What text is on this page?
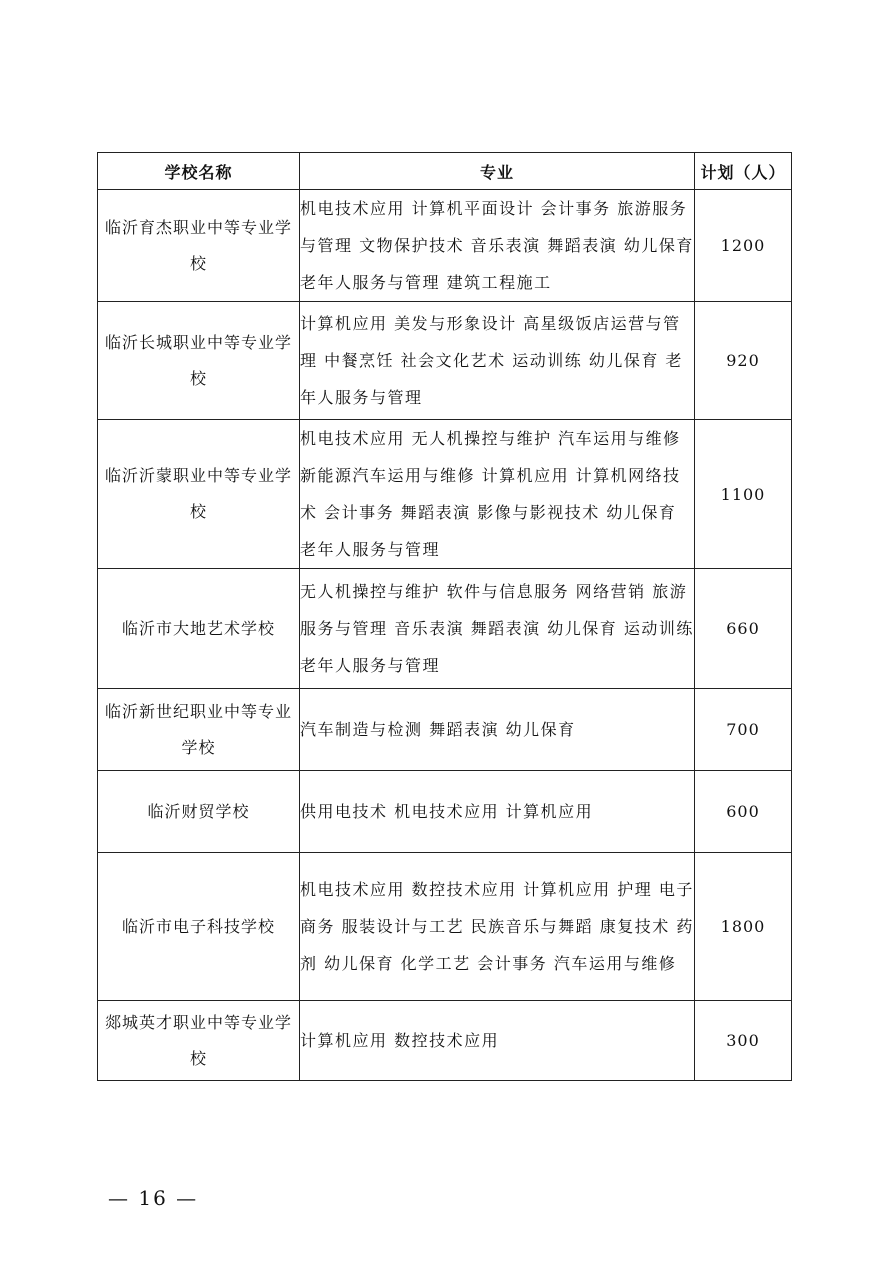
学校名称	专业	计划（人）
临沂育杰职业中等专业学校	机电技术应用 计算机平面设计 会计事务 旅游服务与管理 文物保护技术 音乐表演 舞蹈表演 幼儿保育 老年人服务与管理 建筑工程施工	1200
临沂长城职业中等专业学校	计算机应用 美发与形象设计 高星级饭店运营与管理 中餐烹饪 社会文化艺术 运动训练 幼儿保育 老年人服务与管理	920
临沂沂蒙职业中等专业学校	机电技术应用 无人机操控与维护 汽车运用与维修 新能源汽车运用与维修 计算机应用 计算机网络技术 会计事务 舞蹈表演 影像与影视技术 幼儿保育 老年人服务与管理	1100
临沂市大地艺术学校	无人机操控与维护 软件与信息服务 网络营销 旅游服务与管理 音乐表演 舞蹈表演 幼儿保育 运动训练 老年人服务与管理	660
临沂新世纪职业中等专业学校	汽车制造与检测 舞蹈表演 幼儿保育	700
临沂财贸学校	供用电技术 机电技术应用 计算机应用	600
临沂市电子科技学校	机电技术应用 数控技术应用 计算机应用 护理 电子商务 服装设计与工艺 民族音乐与舞蹈 康复技术 药剂 幼儿保育 化学工艺 会计事务 汽车运用与维修	1800
郯城英才职业中等专业学校	计算机应用 数控技术应用	300
— 16 —
